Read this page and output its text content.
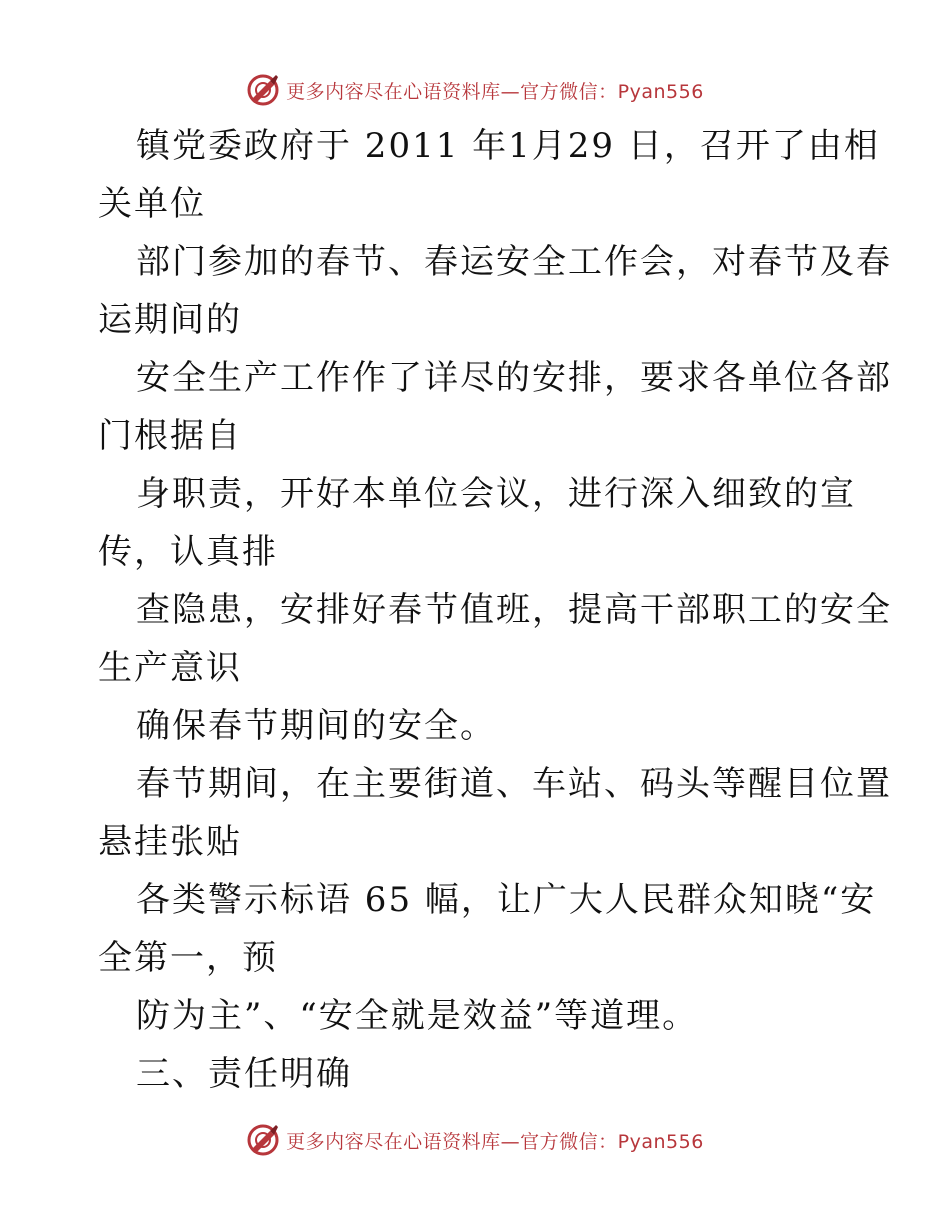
更多内容尽在心语资料库—官方微信：Pyan556
镇党委政府于 2011 年1月29 日，召开了由相
关单位
部门参加的春节、春运安全工作会，对春节及春
运期间的
安全生产工作作了详尽的安排，要求各单位各部
门根据自
身职责，开好本单位会议，进行深入细致的宣
传，认真排
查隐患，安排好春节值班，提高干部职工的安全
生产意识
确保春节期间的安全。
春节期间，在主要街道、车站、码头等醒目位置
悬挂张贴
各类警示标语 65 幅，让广大人民群众知晓“安
全第一，预
防为主”、“安全就是效益”等道理。
三、责任明确
更多内容尽在心语资料库—官方微信：Pyan556
